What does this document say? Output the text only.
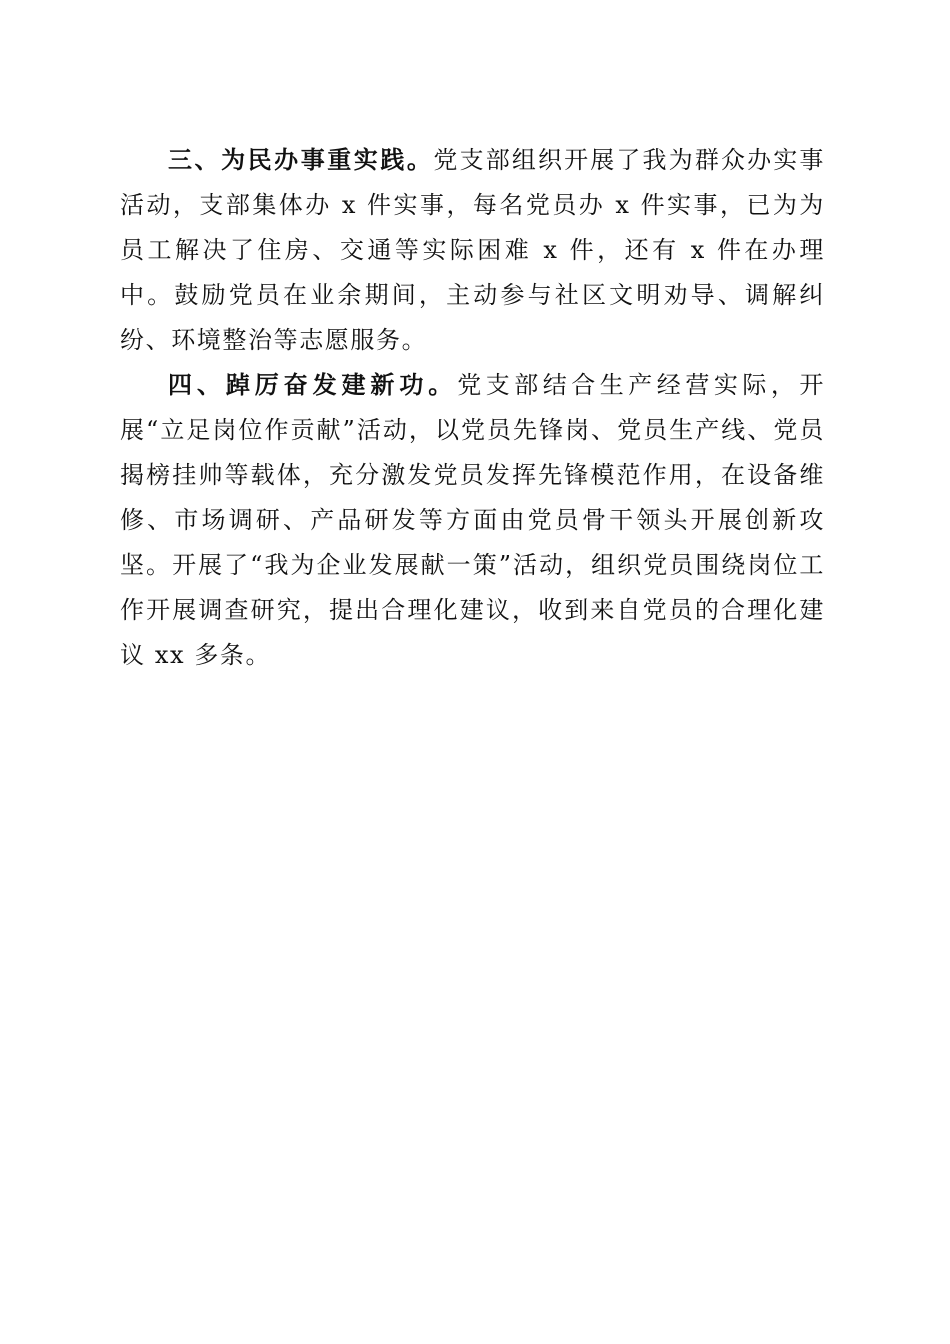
三、为民办事重实践。党支部组织开展了我为群众办实事活动，支部集体办 x 件实事，每名党员办 x 件实事，已为为员工解决了住房、交通等实际困难 x 件，还有 x 件在办理中。鼓励党员在业余期间，主动参与社区文明劝导、调解纠纷、环境整治等志愿服务。

四、踔厉奋发建新功。党支部结合生产经营实际，开展“立足岗位作贡献”活动，以党员先锋岗、党员生产线、党员揭榜挂帅等载体，充分激发党员发挥先锋模范作用，在设备维修、市场调研、产品研发等方面由党员骨干领头开展创新攻坚。开展了“我为企业发展献一策”活动，组织党员围绕岗位工作开展调查研究，提出合理化建议，收到来自党员的合理化建议 xx 多条。
